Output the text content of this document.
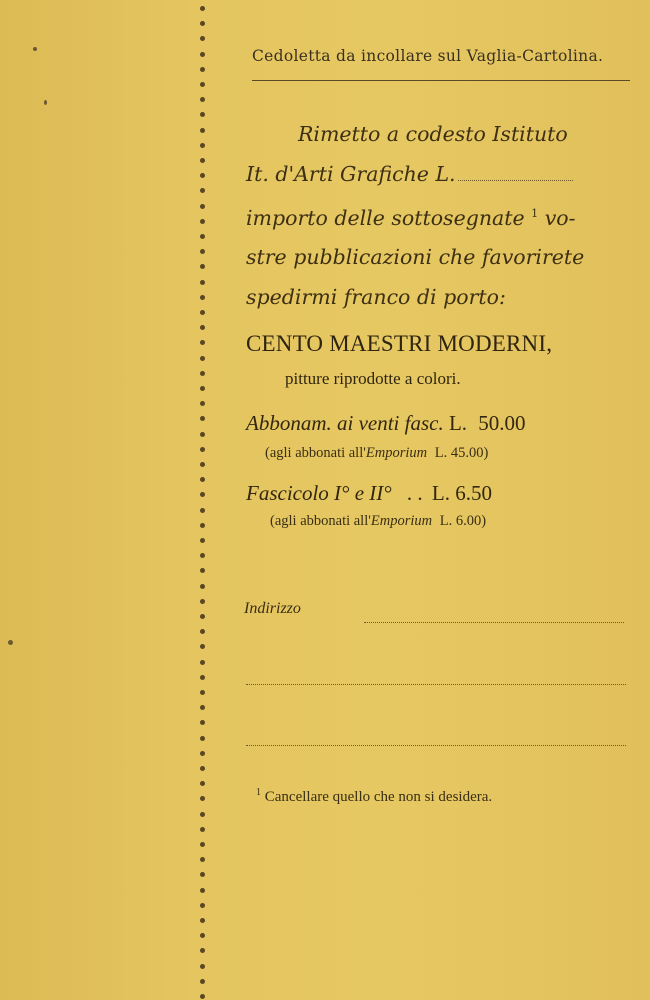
Cedoletta da incollare sul Vaglia-Cartolina.
Rimetto a codesto Istituto
It. d'Arti Grafiche L.
importo delle sottosegnate $^1$ vo-
stre pubblicazioni che favorirete
spedirmi franco di porto:
CENTO MAESTRI MODERNI,
pitture riprodotte a colori.
Abbonam. ai venti fasc. L. 50.00
(agli abbonati all'Emporium L. 45.00)
Fascicolo I° e II° . . L. 6.50
(agli abbonati all'Emporium L. 6.00)
Indirizzo
$^1$ Cancellare quello che non si desidera.
